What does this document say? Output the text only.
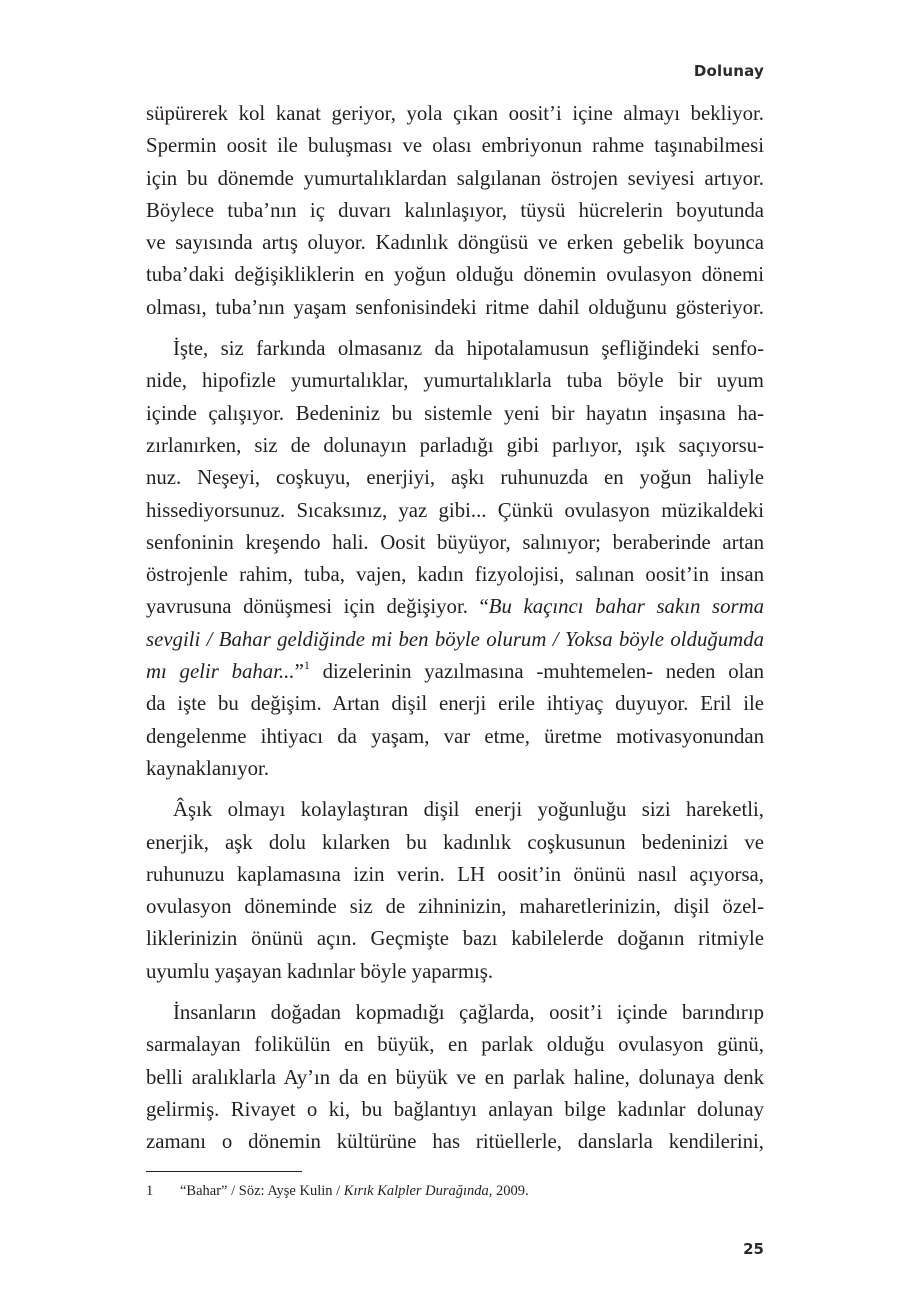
Dolunay

süpürerek kol kanat geriyor, yola çıkan oosit’i içine almayı bekliyor.
Spermin oosit ile buluşması ve olası embriyonun rahme taşınabilmesi
için bu dönemde yumurtalıklardan salgılanan östrojen seviyesi artıyor.
Böylece tuba’nın iç duvarı kalınlaşıyor, tüysü hücrelerin boyutunda
ve sayısında artış oluyor. Kadınlık döngüsü ve erken gebelik boyunca
tuba’daki değişikliklerin en yoğun olduğu dönemin ovulasyon dönemi
olması, tuba’nın yaşam senfonisindeki ritme dahil olduğunu gösteriyor.

İşte, siz farkında olmasanız da hipotalamusun şefliğindeki senfo-
nide, hipofizle yumurtalıklar, yumurtalıklarla tuba böyle bir uyum
içinde çalışıyor. Bedeniniz bu sistemle yeni bir hayatın inşasına ha-
zırlanırken, siz de dolunayın parladığı gibi parlıyor, ışık saçıyorsu-
nuz. Neşeyi, coşkuyu, enerjiyi, aşkı ruhunuzda en yoğun haliyle
hissediyorsunuz. Sıcaksınız, yaz gibi... Çünkü ovulasyon müzikaldeki
senfoninin kreşendo hali. Oosit büyüyor, salınıyor; beraberinde artan
östrojenle rahim, tuba, vajen, kadın fizyolojisi, salınan oosit’in insan
yavrusuna dönüşmesi için değişiyor. “Bu kaçıncı bahar sakın sorma
sevgili / Bahar geldiğinde mi ben böyle olurum / Yoksa böyle olduğumda
mı gelir bahar...”$^1$ dizelerinin yazılmasına -muhtemelen- neden olan
da işte bu değişim. Artan dişil enerji erile ihtiyaç duyuyor. Eril ile
dengelenme ihtiyacı da yaşam, var etme, üretme motivasyonundan
kaynaklanıyor.

Âşık olmayı kolaylaştıran dişil enerji yoğunluğu sizi hareketli,
enerjik, aşk dolu kılarken bu kadınlık coşkusunun bedeninizi ve
ruhunuzu kaplamasına izin verin. LH oosit’in önünü nasıl açıyorsa,
ovulasyon döneminde siz de zihninizin, maharetlerinizin, dişil özel-
liklerinizin önünü açın. Geçmişte bazı kabilelerde doğanın ritmiyle
uyumlu yaşayan kadınlar böyle yaparmış.

İnsanların doğadan kopmadığı çağlarda, oosit’i içinde barındırıp
sarmalayan folikülün en büyük, en parlak olduğu ovulasyon günü,
belli aralıklarla Ay’ın da en büyük ve en parlak haline, dolunaya denk
gelirmiş. Rivayet o ki, bu bağlantıyı anlayan bilge kadınlar dolunay
zamanı o dönemin kültürüne has ritüellerle, danslarla kendilerini,

1 “Bahar” / Söz: Ayşe Kulin / Kırık Kalpler Durağında, 2009.
25
